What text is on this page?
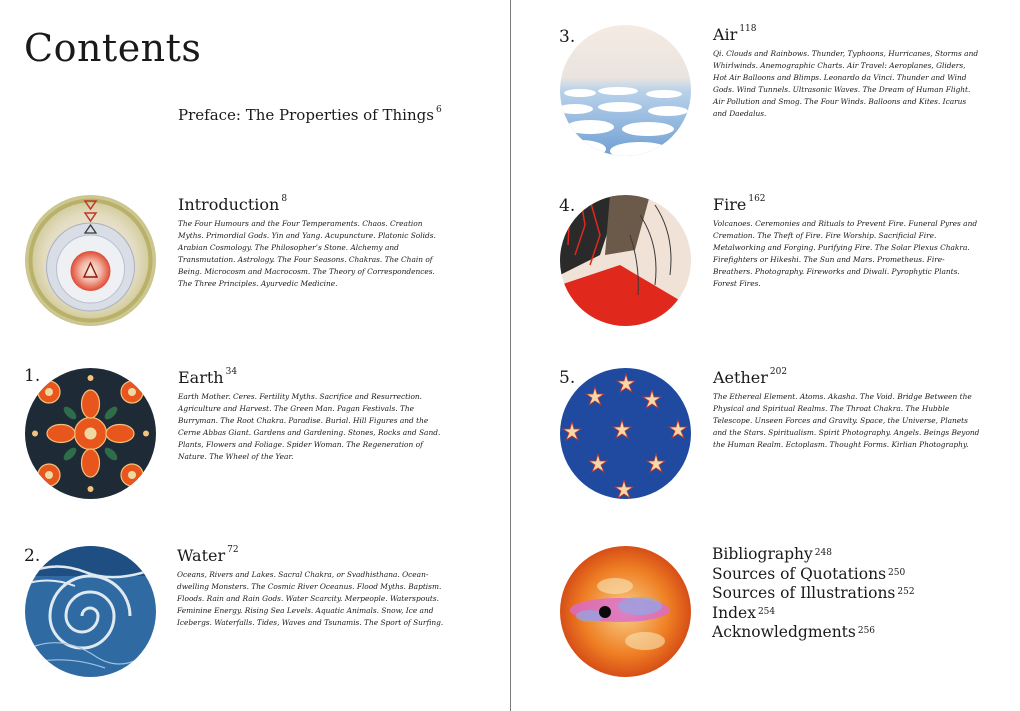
Contents
Preface: The Properties of Things $^6$
Introduction $^8$
The Four Humours and the Four Temperaments. Chaos. Creation Myths. Primordial Gods. Yin and Yang. Acupuncture. Platonic Solids. Arabian Cosmology. The Philosopher’s Stone. Alchemy and Transmutation. Astrology. The Four Seasons. Chakras. The Chain of Being. Microcosm and Macrocosm. The Theory of Correspondences. The Three Principles. Ayurvedic Medicine.
1.	Earth $^{34}$
Earth Mother. Ceres. Fertility Myths. Sacrifice and Resurrection. Agriculture and Harvest. The Green Man. Pagan Festivals. The Burryman. The Root Chakra. Paradise. Burial. Hill Figures and the Cerne Abbas Giant. Gardens and Gardening. Stones, Rocks and Sand. Plants, Flowers and Foliage. Spider Woman. The Regeneration of Nature. The Wheel of the Year.
2.	Water $^{72}$
Oceans, Rivers and Lakes. Sacral Chakra, or Svadhisthana. Ocean-dwelling Monsters. The Cosmic River Oceanus. Flood Myths. Baptism. Floods. Rain and Rain Gods. Water Scarcity. Merpeople. Waterspouts. Feminine Energy. Rising Sea Levels. Aquatic Animals. Snow, Ice and Icebergs. Waterfalls. Tides, Waves and Tsunamis. The Sport of Surfing.
3.	Air $^{118}$
Qi. Clouds and Rainbows. Thunder, Typhoons, Hurricanes, Storms and Whirlwinds. Anemographic Charts. Air Travel: Aeroplanes, Gliders, Hot Air Balloons and Blimps. Leonardo da Vinci. Thunder and Wind Gods. Wind Tunnels. Ultrasonic Waves. The Dream of Human Flight. Air Pollution and Smog. The Four Winds. Balloons and Kites. Icarus and Daedalus.
4.	Fire $^{162}$
Volcanoes. Ceremonies and Rituals to Prevent Fire. Funeral Pyres and Cremation. The Theft of Fire. Fire Worship. Sacrificial Fire. Metalworking and Forging. Purifying Fire. The Solar Plexus Chakra. Firefighters or Hikeshi. The Sun and Mars. Prometheus. Fire-Breathers. Photography. Fireworks and Diwali. Pyrophytic Plants. Forest Fires.
5.	Aether $^{202}$
The Ethereal Element. Atoms. Akasha. The Void. Bridge Between the Physical and Spiritual Realms. The Throat Chakra. The Hubble Telescope. Unseen Forces and Gravity. Space, the Universe, Planets and the Stars. Spiritualism. Spirit Photography. Angels. Beings Beyond the Human Realm. Ectoplasm. Thought Forms. Kirlian Photography.
Bibliography $^{248}$
Sources of Quotations $^{250}$
Sources of Illustrations $^{252}$
Index $^{254}$
Acknowledgments $^{256}$
